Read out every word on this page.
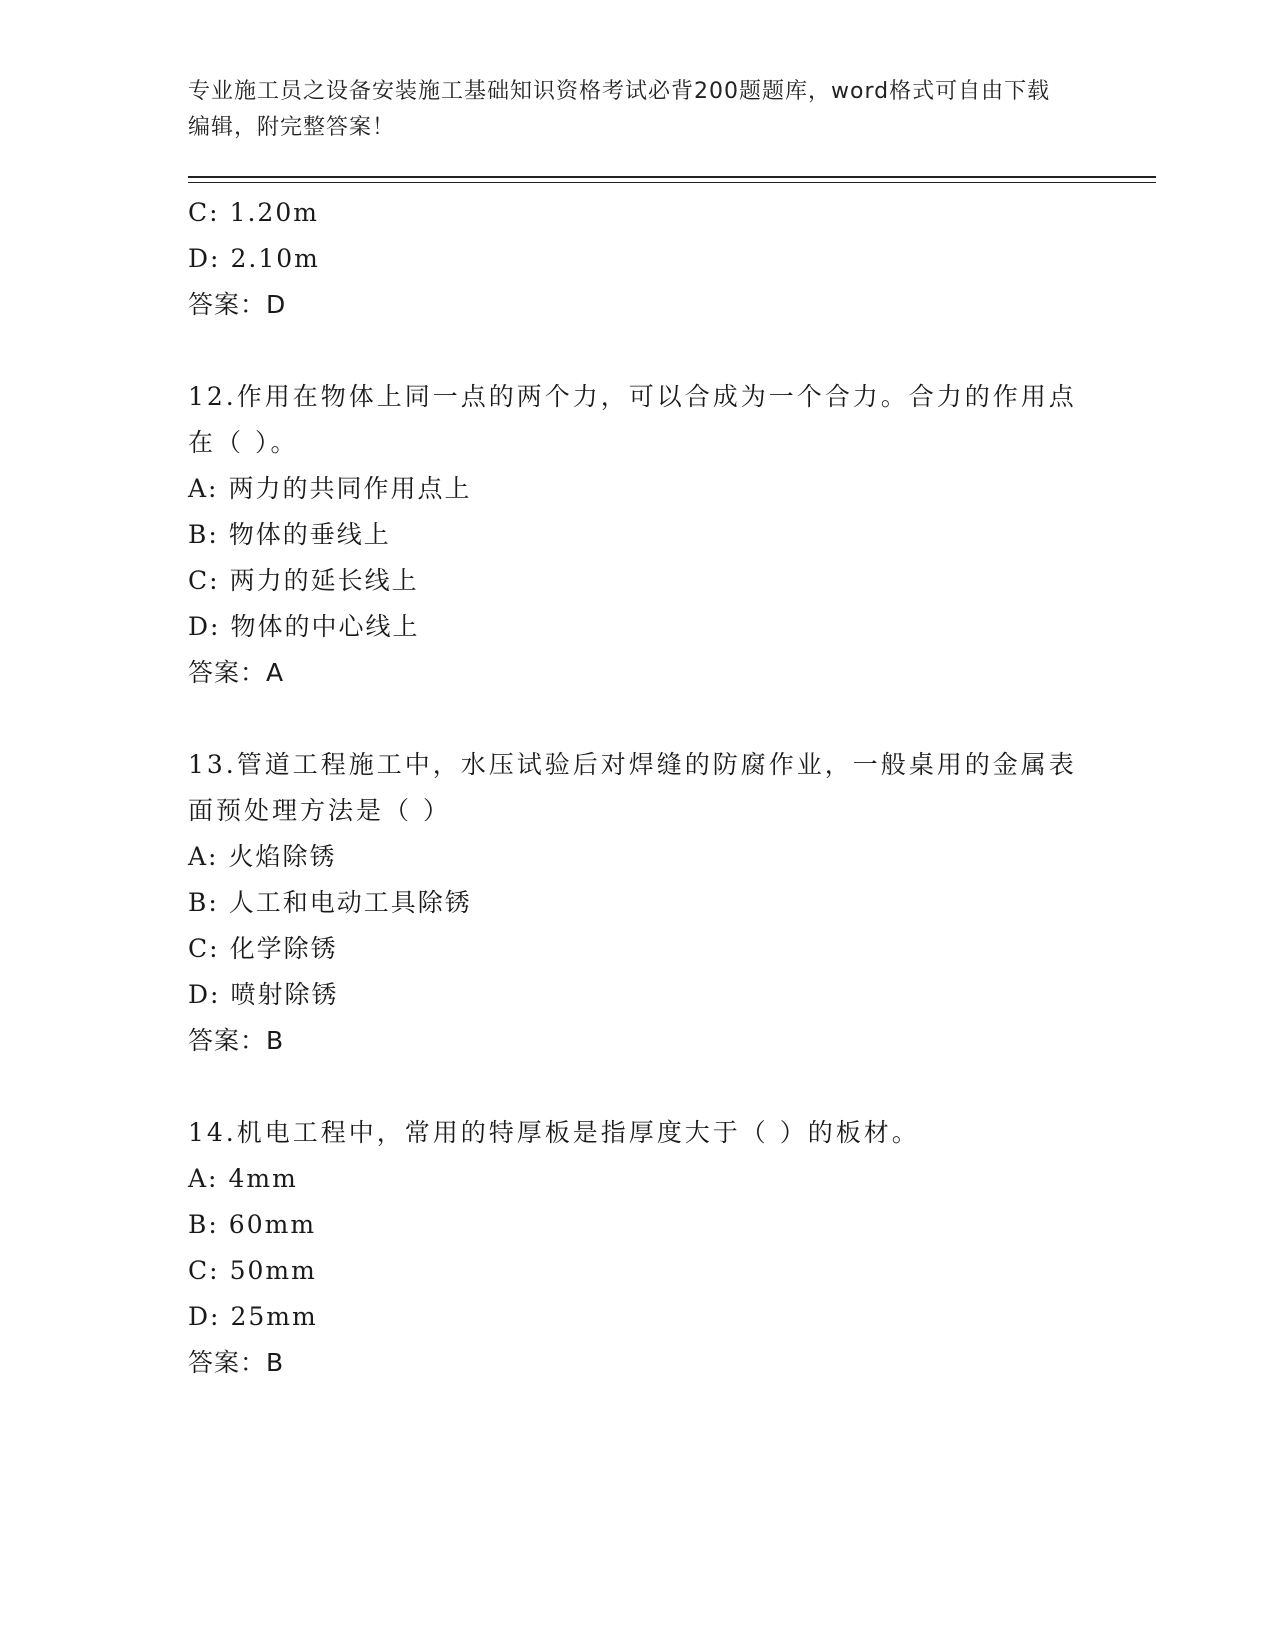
专业施工员之设备安装施工基础知识资格考试必背200题题库，word格式可自由下载编辑，附完整答案！
C: 1.20m
D: 2.10m
答案：D
12.作用在物体上同一点的两个力，可以合成为一个合力。合力的作用点在（ ）。
A: 两力的共同作用点上
B: 物体的垂线上
C: 两力的延长线上
D: 物体的中心线上
答案：A
13.管道工程施工中，水压试验后对焊缝的防腐作业，一般桌用的金属表面预处理方法是（ ）
A: 火焰除锈
B: 人工和电动工具除锈
C: 化学除锈
D: 喷射除锈
答案：B
14.机电工程中，常用的特厚板是指厚度大于（ ）的板材。
A: 4mm
B: 60mm
C: 50mm
D: 25mm
答案：B
